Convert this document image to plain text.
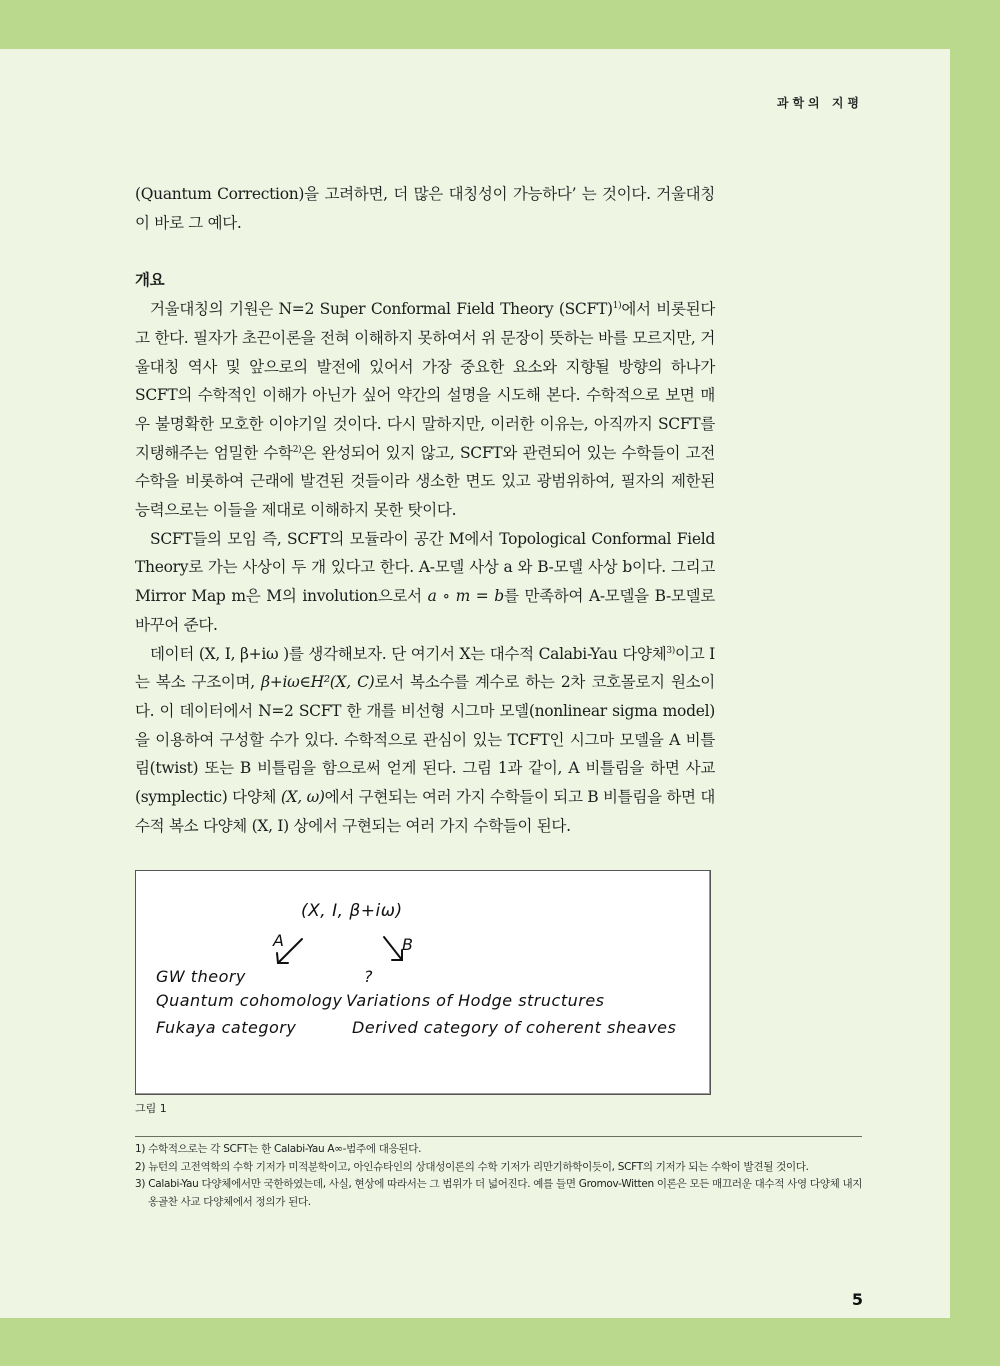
과학의 지평

(Quantum Correction)을 고려하면, 더 많은 대칭성이 가능하다’ 는 것이다. 거울대칭이 바로 그 예다.

개요

거울대칭의 기원은 N=2 Super Conformal Field Theory (SCFT)$^{1)}$에서 비롯된다고 한다. 필자가 초끈이론을 전혀 이해하지 못하여서 위 문장이 뜻하는 바를 모르지만, 거울대칭 역사 및 앞으로의 발전에 있어서 가장 중요한 요소와 지향될 방향의 하나가 SCFT의 수학적인 이해가 아닌가 싶어 약간의 설명을 시도해 본다. 수학적으로 보면 매우 불명확한 모호한 이야기일 것이다. 다시 말하지만, 이러한 이유는, 아직까지 SCFT를 지탱해주는 엄밀한 수학$^{2)}$은 완성되어 있지 않고, SCFT와 관련되어 있는 수학들이 고전 수학을 비롯하여 근래에 발견된 것들이라 생소한 면도 있고 광범위하여, 필자의 제한된 능력으로는 이들을 제대로 이해하지 못한 탓이다.

SCFT들의 모임 즉, SCFT의 모듈라이 공간 M에서 Topological Conformal Field Theory로 가는 사상이 두 개 있다고 한다. A-모델 사상 a 와 B-모델 사상 b이다. 그리고 Mirror Map m은 M의 involution으로서 a ∘ m = b를 만족하여 A-모델을 B-모델로 바꾸어 준다.

데이터 (X, I, β+iω )를 생각해보자. 단 여기서 X는 대수적 Calabi-Yau 다양체$^{3)}$이고 I는 복소 구조이며, β+iω∈H²(X, C)로서 복소수를 계수로 하는 2차 코호몰로지 원소이다. 이 데이터에서 N=2 SCFT 한 개를 비선형 시그마 모델(nonlinear sigma model)을 이용하여 구성할 수가 있다. 수학적으로 관심이 있는 TCFT인 시그마 모델을 A 비틀림(twist) 또는 B 비틀림을 함으로써 얻게 된다. 그림 1과 같이, A 비틀림을 하면 사교(symplectic) 다양체 (X, ω)에서 구현되는 여러 가지 수학들이 되고 B 비틀림을 하면 대수적 복소 다양체 (X, I) 상에서 구현되는 여러 가지 수학들이 된다.

(X, I, β+iω)
A	B
GW theory
Quantum cohomology
Fukaya category
?
Variations of Hodge structures
Derived category of coherent sheaves
그림 1

1) 수학적으로는 각 SCFT는 한 Calabi-Yau A∞-범주에 대응된다.

2) 뉴턴의 고전역학의 수학 기저가 미적분학이고, 아인슈타인의 상대성이론의 수학 기저가 리만기하학이듯이, SCFT의 기저가 되는 수학이 발견될 것이다.

3) Calabi-Yau 다양체에서만 국한하였는데, 사실, 현상에 따라서는 그 범위가 더 넓어진다. 예를 들면 Gromov-Witten 이론은 모든 매끄러운 대수적 사영 다양체 내지 옹골찬 사교 다양체에서 정의가 된다.

5
